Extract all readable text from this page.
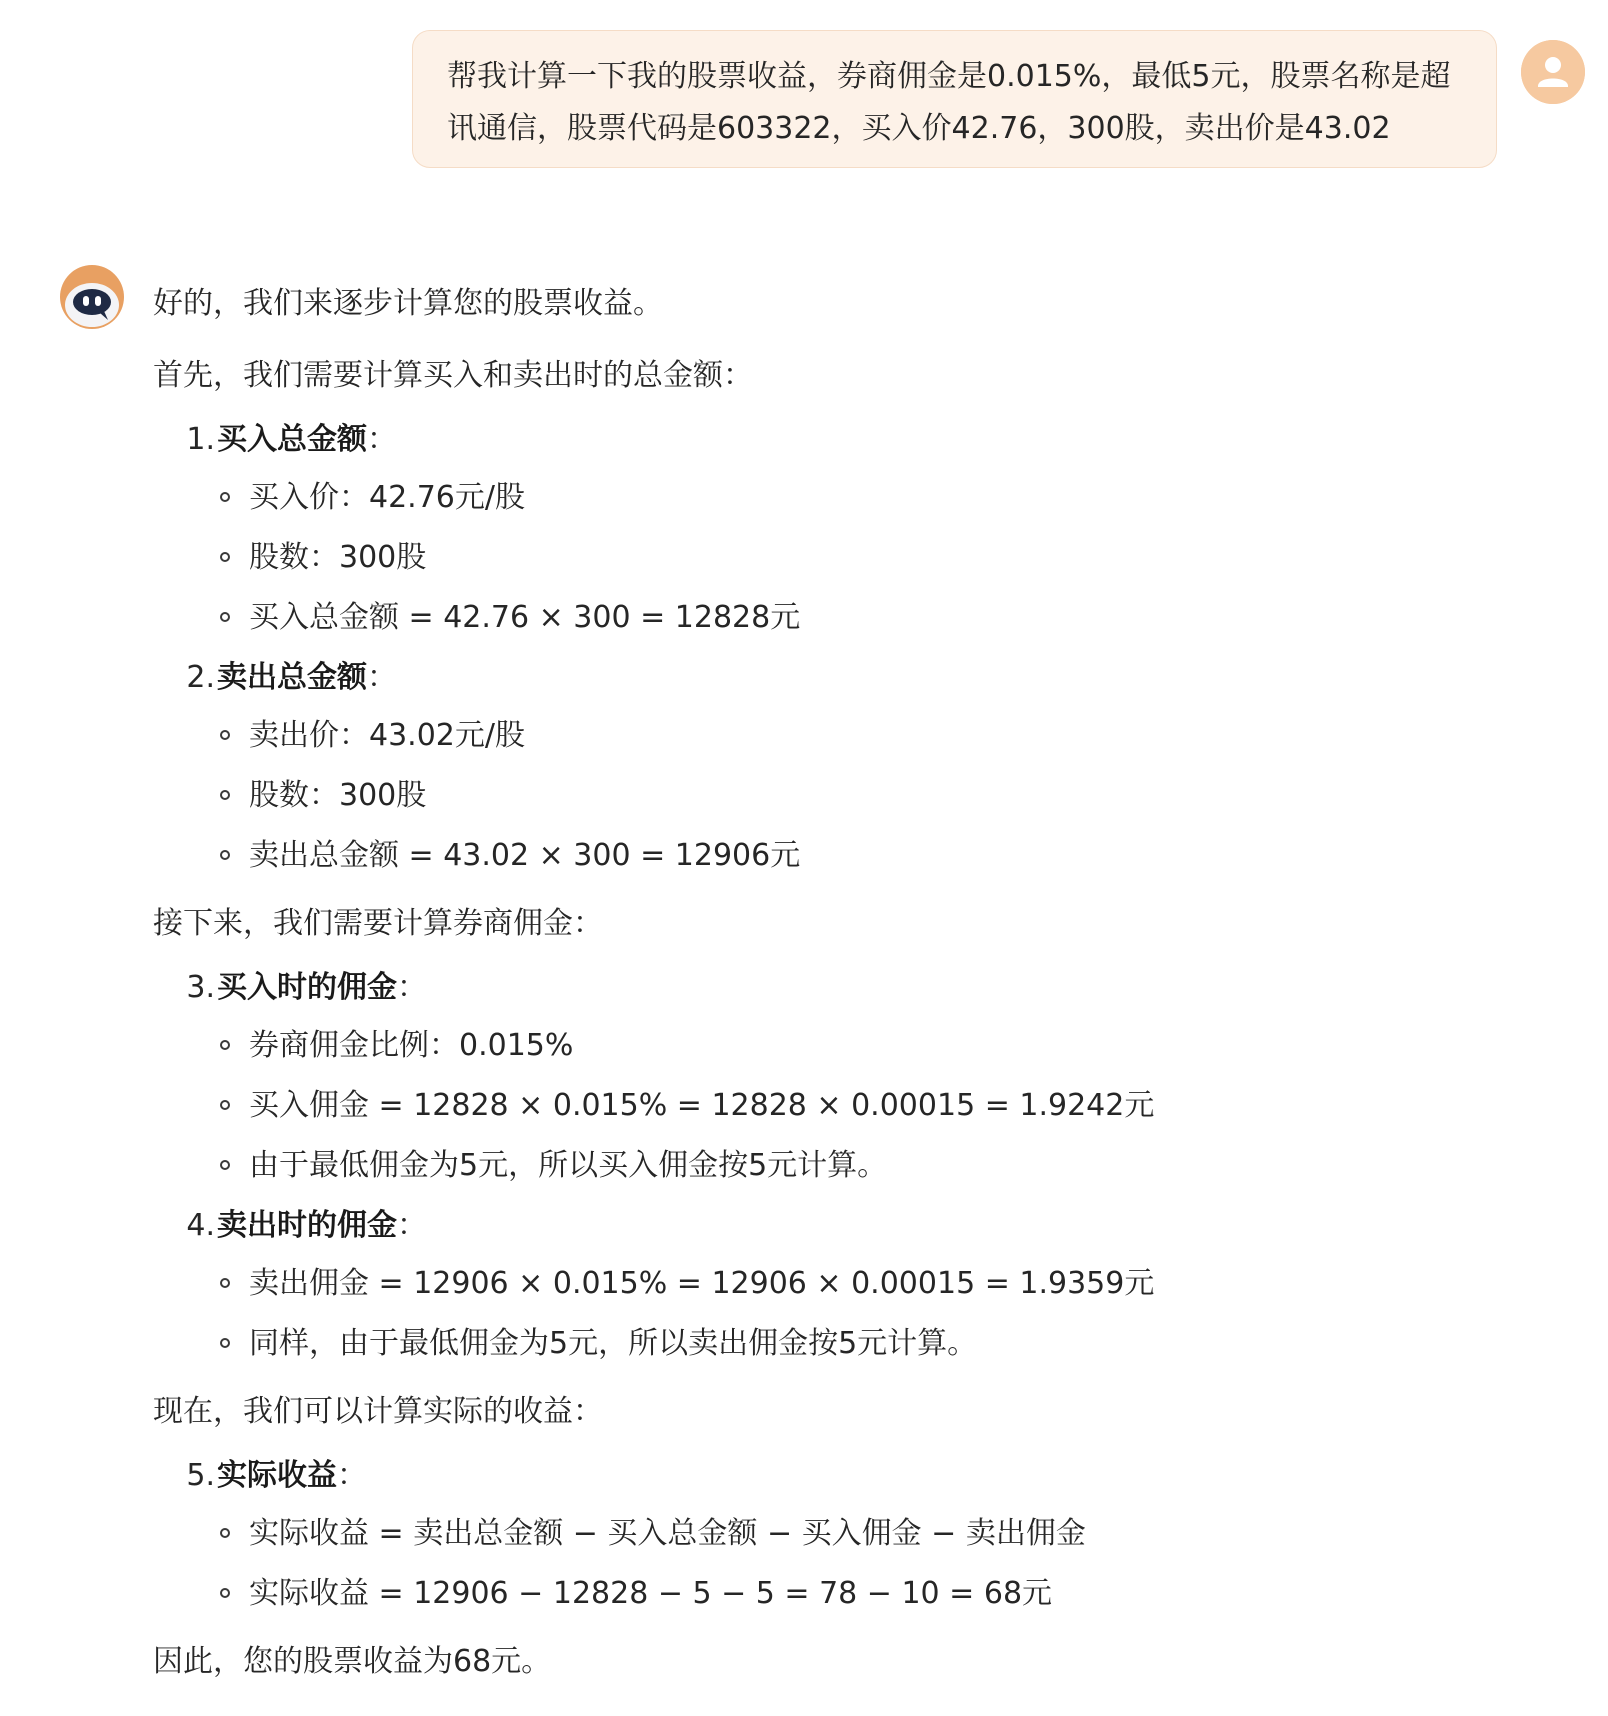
帮我计算一下我的股票收益，券商佣金是0.015%，最低5元，股票名称是超
讯通信，股票代码是603322，买入价42.76，300股，卖出价是43.02
好的，我们来逐步计算您的股票收益。
首先，我们需要计算买入和卖出时的总金额：
1. 买入总金额：
买入价：42.76元/股
股数：300股
买入总金额 = 42.76 × 300 = 12828元
2. 卖出总金额：
卖出价：43.02元/股
股数：300股
卖出总金额 = 43.02 × 300 = 12906元
接下来，我们需要计算券商佣金：
3. 买入时的佣金：
券商佣金比例：0.015%
买入佣金 = 12828 × 0.015% = 12828 × 0.00015 = 1.9242元
由于最低佣金为5元，所以买入佣金按5元计算。
4. 卖出时的佣金：
卖出佣金 = 12906 × 0.015% = 12906 × 0.00015 = 1.9359元
同样，由于最低佣金为5元，所以卖出佣金按5元计算。
现在，我们可以计算实际的收益：
5. 实际收益：
实际收益 = 卖出总金额 − 买入总金额 − 买入佣金 − 卖出佣金
实际收益 = 12906 − 12828 − 5 − 5 = 78 − 10 = 68元
因此，您的股票收益为68元。
